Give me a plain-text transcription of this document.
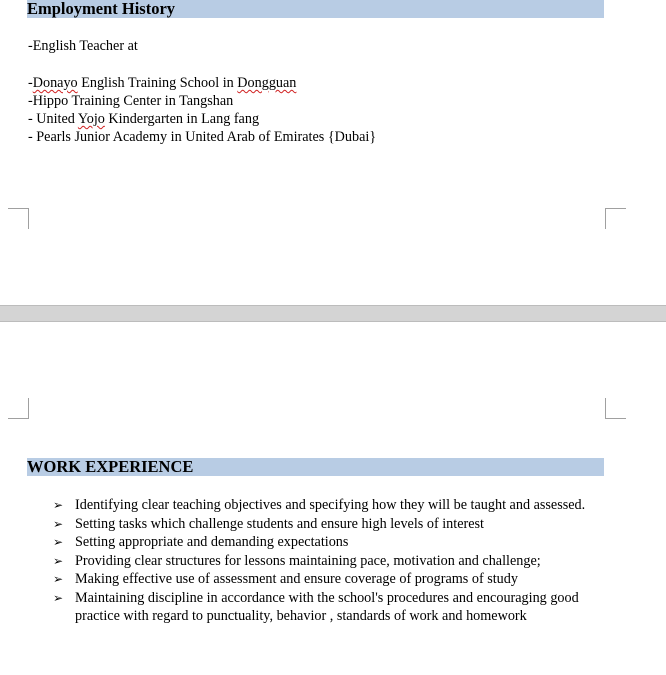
Employment History
-English Teacher at
-Donayo English Training School in Dongguan
-Hippo Training Center in Tangshan
- United Yojo Kindergarten in Lang fang
- Pearls Junior Academy in United Arab of Emirates {Dubai}
WORK EXPERIENCE
➢ Identifying clear teaching objectives and specifying how they will be taught and assessed.
➢ Setting tasks which challenge students and ensure high levels of interest
➢ Setting appropriate and demanding expectations
➢ Providing clear structures for lessons maintaining pace, motivation and challenge;
➢ Making effective use of assessment and ensure coverage of programs of study
➢ Maintaining discipline in accordance with the school's procedures and encouraging good practice with regard to punctuality, behavior , standards of work and homework
